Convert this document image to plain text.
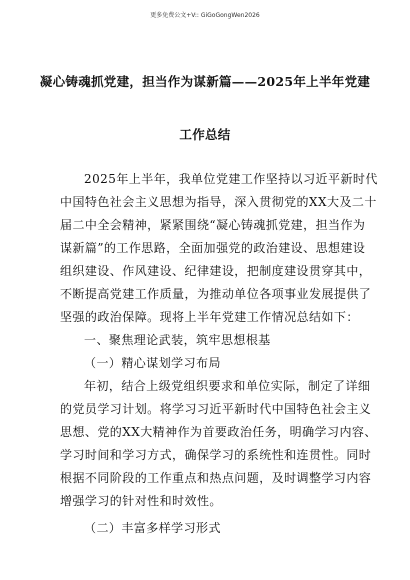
更多免费公文+V:: GiGoGongWen2026
凝心铸魂抓党建，担当作为谋新篇——2025年上半年党建
工作总结
2025年上半年，我单位党建工作坚持以习近平新时代
中国特色社会主义思想为指导，深入贯彻党的XX大及二十
届二中全会精神，紧紧围绕“凝心铸魂抓党建，担当作为
谋新篇”的工作思路，全面加强党的政治建设、思想建设
组织建设、作风建设、纪律建设，把制度建设贯穿其中，
不断提高党建工作质量，为推动单位各项事业发展提供了
坚强的政治保障。现将上半年党建工作情况总结如下：
一、聚焦理论武装，筑牢思想根基
（一）精心谋划学习布局
年初，结合上级党组织要求和单位实际，制定了详细
的党员学习计划。将学习习近平新时代中国特色社会主义
思想、党的XX大精神作为首要政治任务，明确学习内容、
学习时间和学习方式，确保学习的系统性和连贯性。同时
根据不同阶段的工作重点和热点问题，及时调整学习内容
增强学习的针对性和时效性。
（二）丰富多样学习形式
